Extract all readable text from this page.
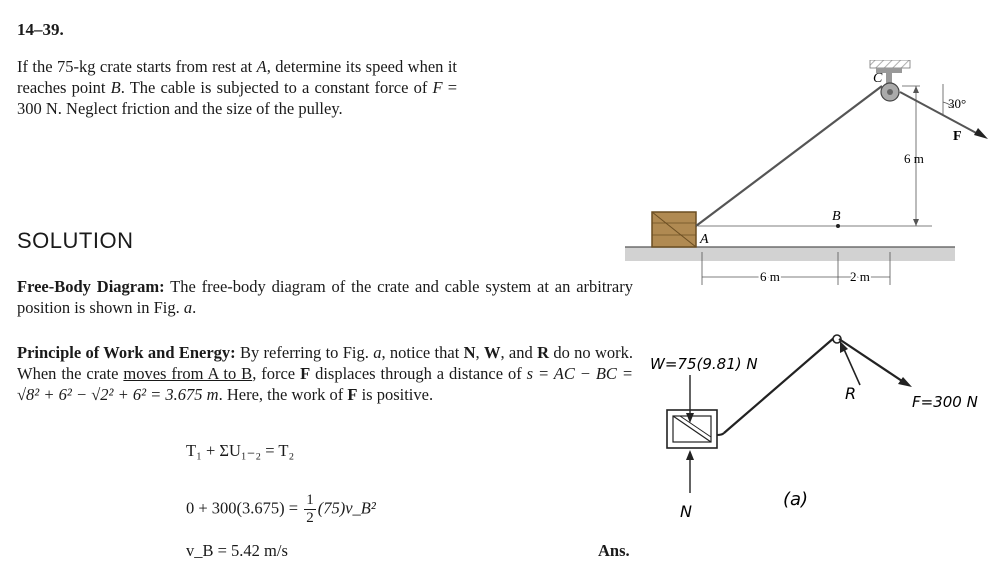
14–39.
If the 75-kg crate starts from rest at A, determine its speed when it reaches point B. The cable is subjected to a constant force of F = 300 N. Neglect friction and the size of the pulley.
SOLUTION
Free-Body Diagram: The free-body diagram of the crate and cable system at an arbitrary position is shown in Fig. a.
Principle of Work and Energy: By referring to Fig. a, notice that N, W, and R do no work. When the crate moves from A to B, force F displaces through a distance of s = AC − BC = √8² + 6² − √2² + 6² = 3.675 m. Here, the work of F is positive.
T₁ + ΣU₁₋₂ = T₂
$0 + 300(3.675) = \frac{1}{2}$ (75)v_B²
v_B = 5.42 m/s	Ans.
C
B
A
30°
F
6 m
6 m	2 m
W=75(9.81) N
N
R	F=300 N
(a)
